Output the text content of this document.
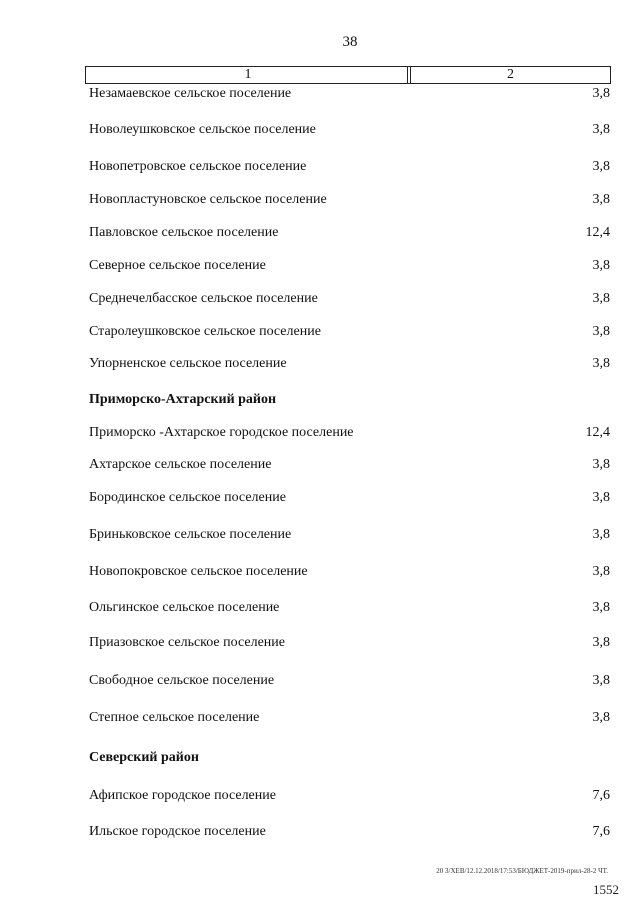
38
1	2
Незамаевское сельское поселение	3,8
Новолеушковское сельское поселение	3,8
Новопетровское сельское поселение	3,8
Новопластуновское сельское поселение	3,8
Павловское сельское поселение	12,4
Северное сельское поселение	3,8
Среднечелбасское сельское поселение	3,8
Старолеушковское сельское поселение	3,8
Упорненское сельское поселение	3,8
Приморско-Ахтарский район
Приморско -Ахтарское городское поселение	12,4
Ахтарское сельское поселение	3,8
Бородинское сельское поселение	3,8
Бриньковское сельское поселение	3,8
Новопокровское сельское поселение	3,8
Ольгинское сельское поселение	3,8
Приазовское сельское поселение	3,8
Свободное сельское поселение	3,8
Степное сельское поселение	3,8
Северский район
Афипское городское поселение	7,6
Ильское городское поселение	7,6
20 3/ХЕВ/12.12.2018/17:53/БЮДЖЕТ-2019-прил-28-2 ЧТ.
1552
